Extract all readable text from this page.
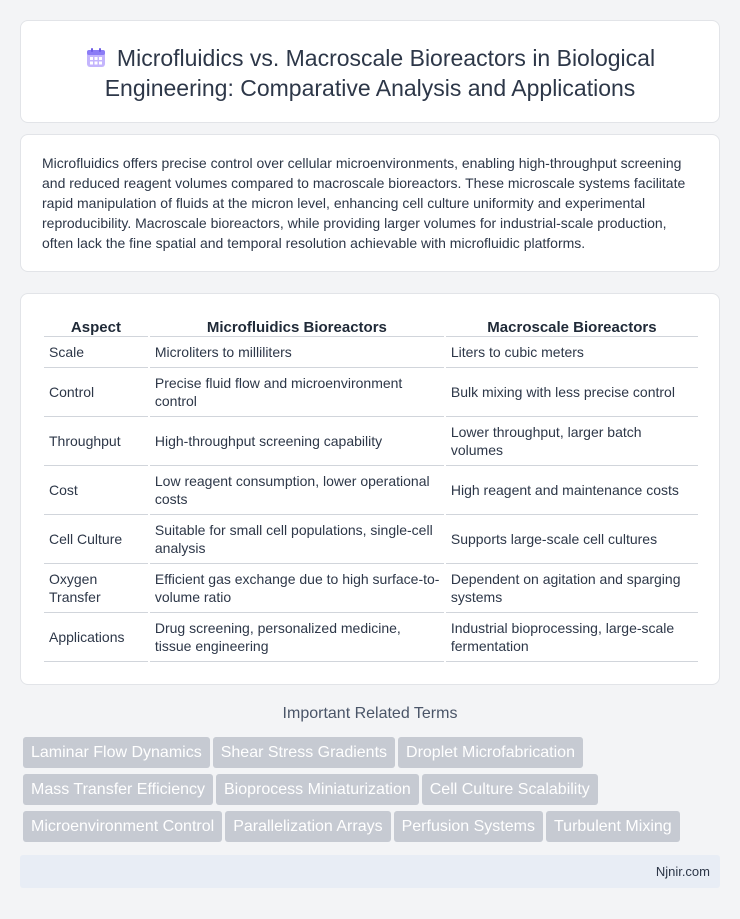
Microfluidics vs. Macroscale Bioreactors in Biological Engineering: Comparative Analysis and Applications

Microfluidics offers precise control over cellular microenvironments, enabling high-throughput screening and reduced reagent volumes compared to macroscale bioreactors. These microscale systems facilitate rapid manipulation of fluids at the micron level, enhancing cell culture uniformity and experimental reproducibility. Macroscale bioreactors, while providing larger volumes for industrial-scale production, often lack the fine spatial and temporal resolution achievable with microfluidic platforms.

Aspect	Microfluidics Bioreactors	Macroscale Bioreactors
Scale	Microliters to milliliters	Liters to cubic meters
Control	Precise fluid flow and microenvironment control	Bulk mixing with less precise control
Throughput	High-throughput screening capability	Lower throughput, larger batch volumes
Cost	Low reagent consumption, lower operational costs	High reagent and maintenance costs
Cell Culture	Suitable for small cell populations, single-cell analysis	Supports large-scale cell cultures
Oxygen Transfer	Efficient gas exchange due to high surface-to-volume ratio	Dependent on agitation and sparging systems
Applications	Drug screening, personalized medicine, tissue engineering	Industrial bioprocessing, large-scale fermentation
Important Related Terms
Laminar Flow Dynamics Shear Stress Gradients Droplet Microfabrication
Mass Transfer Efficiency Bioprocess Miniaturization Cell Culture Scalability
Microenvironment Control Parallelization Arrays Perfusion Systems Turbulent Mixing
Njnir.com
